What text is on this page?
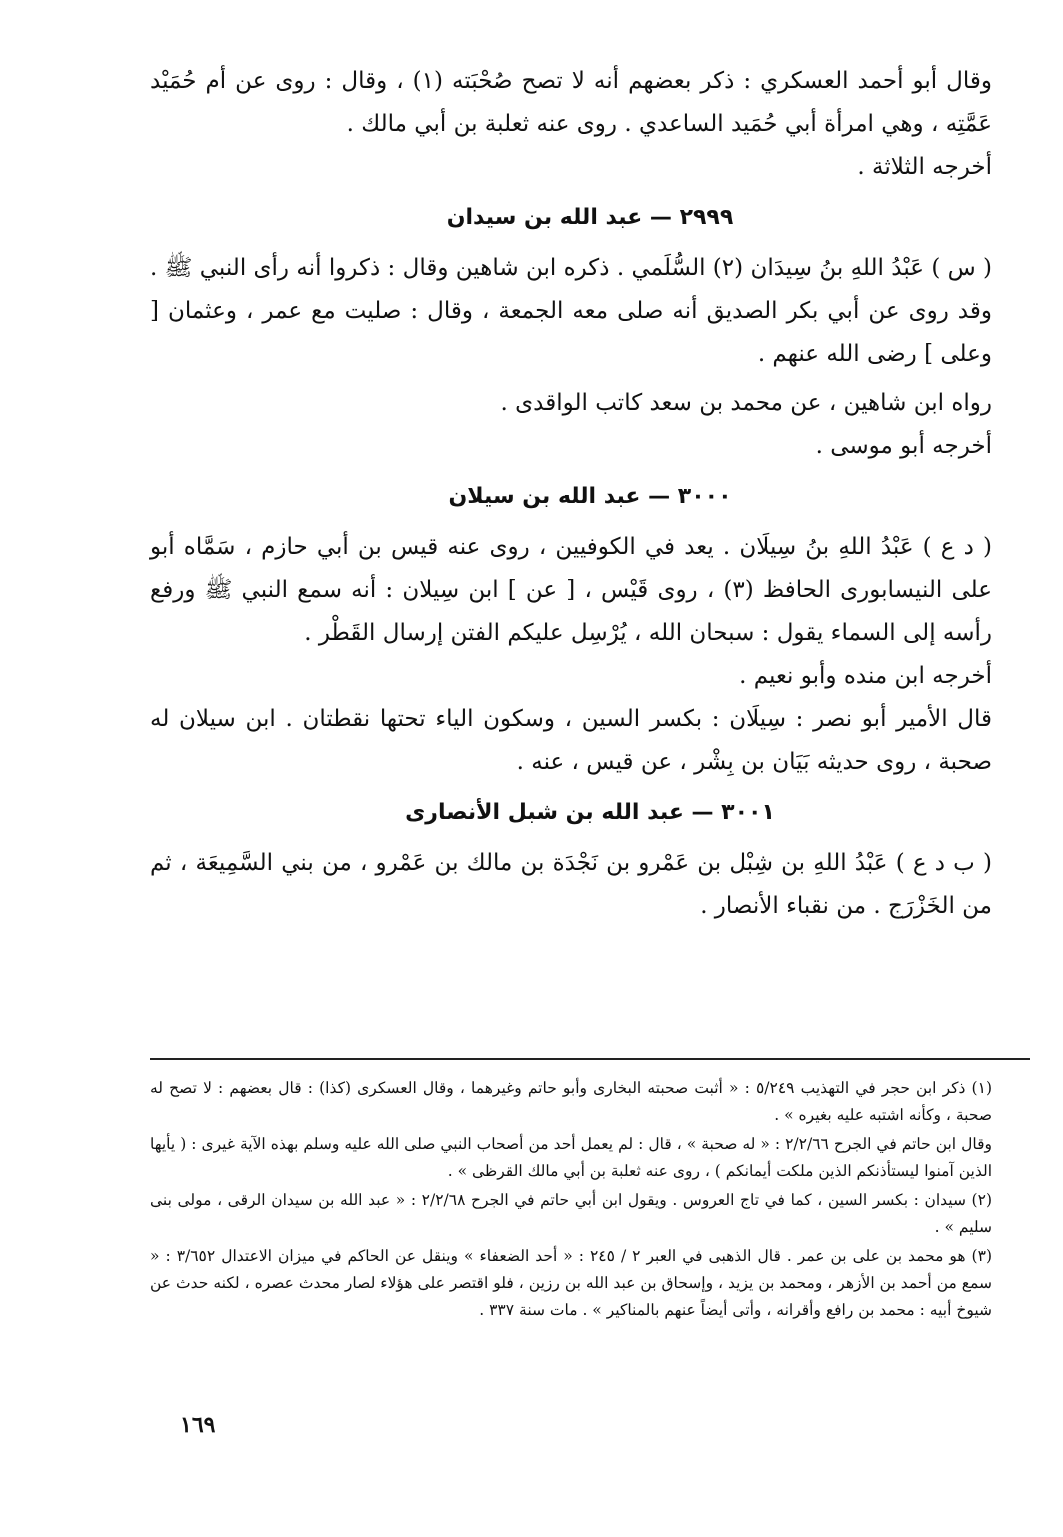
وقال أبو أحمد العسكري : ذكر بعضهم أنه لا تصح صُحْبَته (١) ، وقال : روى عن أم حُمَيْد عَمَّتِه ، وهي امرأة أبي حُمَيد الساعدي . روى عنه ثعلبة بن أبي مالك .

أخرجه الثلاثة .

٢٩٩٩ — عبد الله بن سيدان

( س ) عَبْدُ اللهِ بنُ سِيدَان (٢) السُّلَمي . ذكره ابن شاهين وقال : ذكروا أنه رأى النبي ﷺ . وقد روى عن أبي بكر الصديق أنه صلى معه الجمعة ، وقال : صليت مع عمر ، وعثمان [ وعلى ] رضى الله عنهم .

رواه ابن شاهين ، عن محمد بن سعد كاتب الواقدى .

أخرجه أبو موسى .

٣٠٠٠ — عبد الله بن سيلان

( د ع ) عَبْدُ اللهِ بنُ سِيلَان . يعد في الكوفيين ، روى عنه قيس بن أبي حازم ، سَمَّاه أبو على النيسابورى الحافظ (٣) ، روى قَيْس ، [ عن ] ابن سِيلان : أنه سمع النبي ﷺ ورفع رأسه إلى السماء يقول : سبحان الله ، يُرْسِل عليكم الفتن إرسال القَطْر .

أخرجه ابن منده وأبو نعيم .

قال الأمير أبو نصر : سِيلَان : بكسر السين ، وسكون الياء تحتها نقطتان . ابن سيلان له صحبة ، روى حديثه بَيَان بن بِشْر ، عن قيس ، عنه .

٣٠٠١ — عبد الله بن شبل الأنصارى

( ب د ع ) عَبْدُ اللهِ بن شِبْل بن عَمْرو بن نَجْدَة بن مالك بن عَمْرو ، من بني السَّمِيعَة ، ثم من الخَزْرَج . من نقباء الأنصار .

(١) ذكر ابن حجر في التهذيب ٥/٢٤٩ : « أثبت صحبته البخارى وأبو حاتم وغيرهما ، وقال العسكرى (كذا) : قال بعضهم : لا تصح له صحبة ، وكأنه اشتبه عليه بغيره » .

وقال ابن حاتم في الجرح ٢/٢/٦٦ : « له صحبة » ، قال : لم يعمل أحد من أصحاب النبي صلى الله عليه وسلم بهذه الآية غيرى : ( يأيها الذين آمنوا ليستأذنكم الذين ملكت أيمانكم ) ، روى عنه ثعلبة بن أبي مالك القرظى » .

(٢) سيدان : بكسر السين ، كما في تاج العروس . ويقول ابن أبي حاتم في الجرح ٢/٢/٦٨ : « عبد الله بن سيدان الرقى ، مولى بنى سليم » .

(٣) هو محمد بن على بن عمر . قال الذهبى في العبر ٢ / ٢٤٥ : « أحد الضعفاء » وينقل عن الحاكم في ميزان الاعتدال ٣/٦٥٢ : « سمع من أحمد بن الأزهر ، ومحمد بن يزيد ، وإسحاق بن عبد الله بن رزين ، فلو اقتصر على هؤلاء لصار محدث عصره ، لكنه حدث عن شيوخ أبيه : محمد بن رافع وأقرانه ، وأتى أيضاً عنهم بالمناكير » . مات سنة ٣٣٧ .

١٦٩
